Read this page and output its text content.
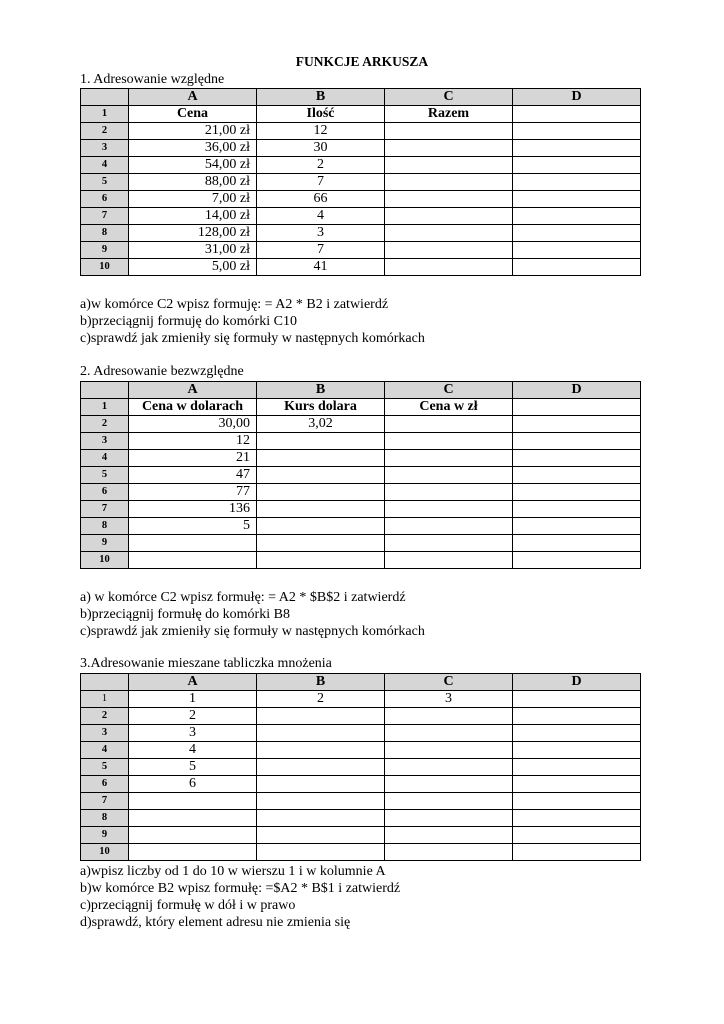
FUNKCJE ARKUSZA
1. Adresowanie względne
	A	B	C	D
1	Cena	Ilość	Razem	
2	21,00 zł	12		
3	36,00 zł	30		
4	54,00 zł	2		
5	88,00 zł	7		
6	7,00 zł	66		
7	14,00 zł	4		
8	128,00 zł	3		
9	31,00 zł	7		
10	5,00 zł	41		
a)w komórce C2 wpisz formuję: = A2 * B2 i zatwierdź
b)przeciągnij formuję do komórki C10
c)sprawdź jak zmieniły się formuły w następnych komórkach
2. Adresowanie bezwzględne
	A	B	C	D
1	Cena w dolarach	Kurs dolara	Cena w zł	
2	30,00	3,02		
3	12			
4	21			
5	47			
6	77			
7	136			
8	5			
9				
10				
a) w komórce C2 wpisz formułę: = A2 * $B$2 i zatwierdź
b)przeciągnij formułę do komórki B8
c)sprawdź jak zmieniły się formuły w następnych komórkach
3.Adresowanie mieszane tabliczka mnożenia
	A	B	C	D
1	1	2	3	
2	2			
3	3			
4	4			
5	5			
6	6			
7				
8				
9				
10				
a)wpisz liczby od 1 do 10 w wierszu 1 i w kolumnie A
b)w komórce B2 wpisz formułę: =$A2 * B$1 i zatwierdź
c)przeciągnij formułę w dół i w prawo
d)sprawdź, który element adresu nie zmienia się
